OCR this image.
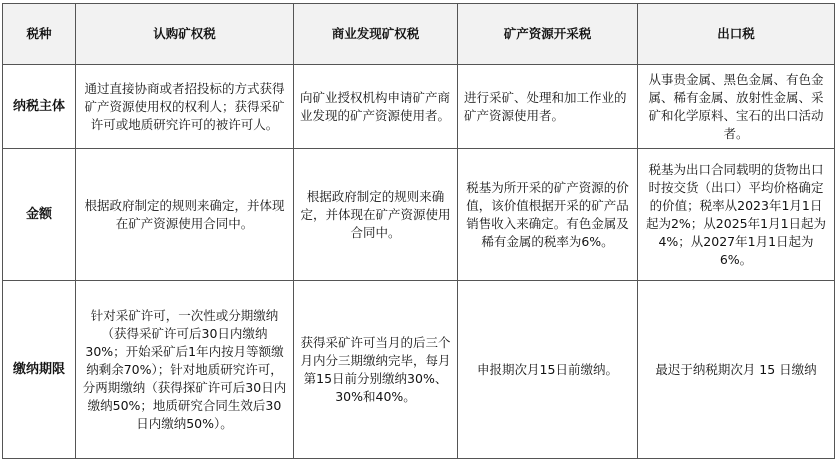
税种	认购矿权税	商业发现矿权税	矿产资源开采税	出口税
纳税主体	通过直接协商或者招投标的方式获得矿产资源使用权的权利人；获得采矿许可或地质研究许可的被许可人。	向矿业授权机构申请矿产商业发现的矿产资源使用者。	进行采矿、处理和加工作业的矿产资源使用者。	从事贵金属、黑色金属、有色金属、稀有金属、放射性金属、采矿和化学原料、宝石的出口活动者。
金额	根据政府制定的规则来确定，并体现在矿产资源使用合同中。	根据政府制定的规则来确定，并体现在矿产资源使用合同中。	税基为所开采的矿产资源的价值，该价值根据开采的矿产品销售收入来确定。有色金属及稀有金属的税率为6%。	税基为出口合同载明的货物出口时按交货（出口）平均价格确定的价值；税率从2023年1月1日起为2%；从2025年1月1日起为4%；从2027年1月1日起为6%。
缴纳期限	针对采矿许可，一次性或分期缴纳（获得采矿许可后30日内缴纳30%；开始采矿后1年内按月等额缴纳剩余70%）；针对地质研究许可，分两期缴纳（获得探矿许可后30日内缴纳50%；地质研究合同生效后30日内缴纳50%）。	获得采矿许可当月的后三个月内分三期缴纳完毕，每月第15日前分别缴纳30%、30%和40%。	申报期次月15日前缴纳。	最迟于纳税期次月 15 日缴纳
